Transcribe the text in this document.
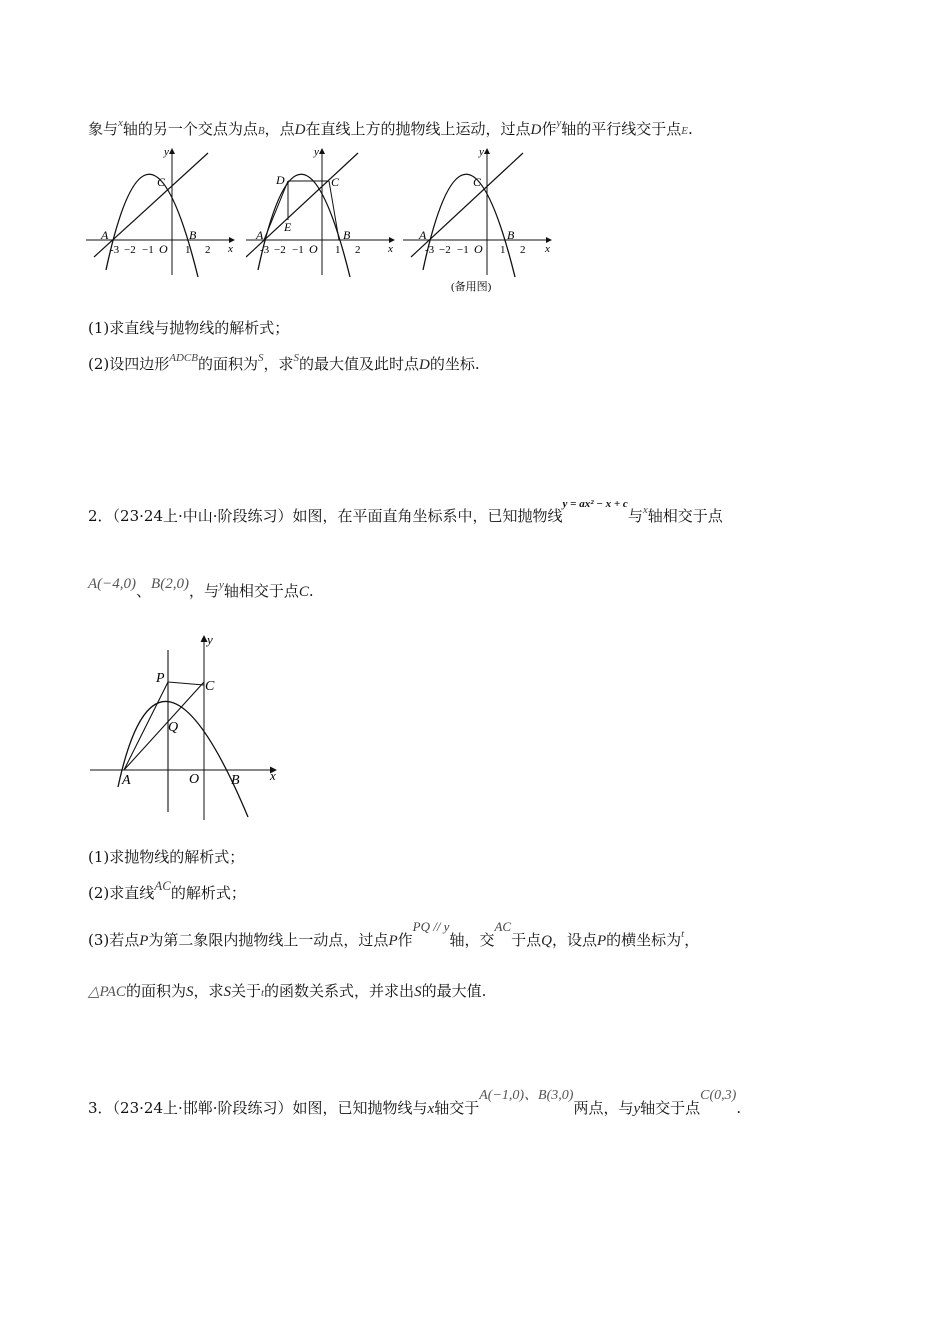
象与$^x$轴的另一个交点为点B，点D在直线上方的抛物线上运动，过点D作$^y$轴的平行线交于点E.
y
x
C
A	B
O
-3 −2 −1	1 2
y
x
C
D
E
A	B
O
-3 −2 −1	1 2
y
x
C
A	B
O
-3 −2 −1	1 2
(备用图)
(1)求直线与抛物线的解析式；
(2)设四边形$^{ADCB}$的面积为$^S$，求$^S$的最大值及此时点D的坐标.
2．（23·24上·中山·阶段练习）如图，在平面直角坐标系中，已知抛物线$^{y = ax^2 - x + c}$与$^x$轴相交于点
A(−4,0)、B(2,0)，与$^y$轴相交于点C.
y
x
P
C
Q
A	O B
(1)求抛物线的解析式；
(2)求直线AC的解析式；
(3)若点P为第二象限内抛物线上一动点，过点P作PQ // y轴，交AC于点Q，设点P的横坐标为$^t$，
△PAC的面积为S，求S关于t的函数关系式，并求出S的最大值.
3．（23·24上·邯郸·阶段练习）如图，已知抛物线与x轴交于A(−1,0)、B(3,0)两点，与y轴交于点C(0,3).
